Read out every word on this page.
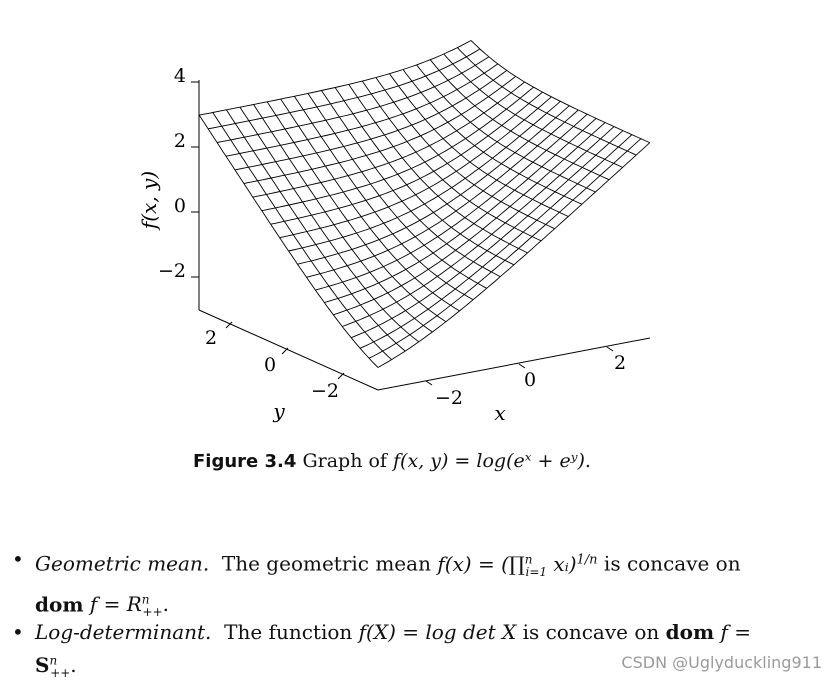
4
2
0
−2
2
0
−2	−2
0
2
f(x, y)
y	x
Figure 3.4 Graph of f(x, y) = log(eˣ + eʸ).
• Geometric mean. The geometric mean f(x) = (∏$^n_{i=1}$ xᵢ)$^{1/n}$ is concave on
dom $f = R^n_{++}$.
• Log-determinant. The function f(X) = log det X is concave on dom f =
$S^n_{++}$.	CSDN @Uglyduckling911
